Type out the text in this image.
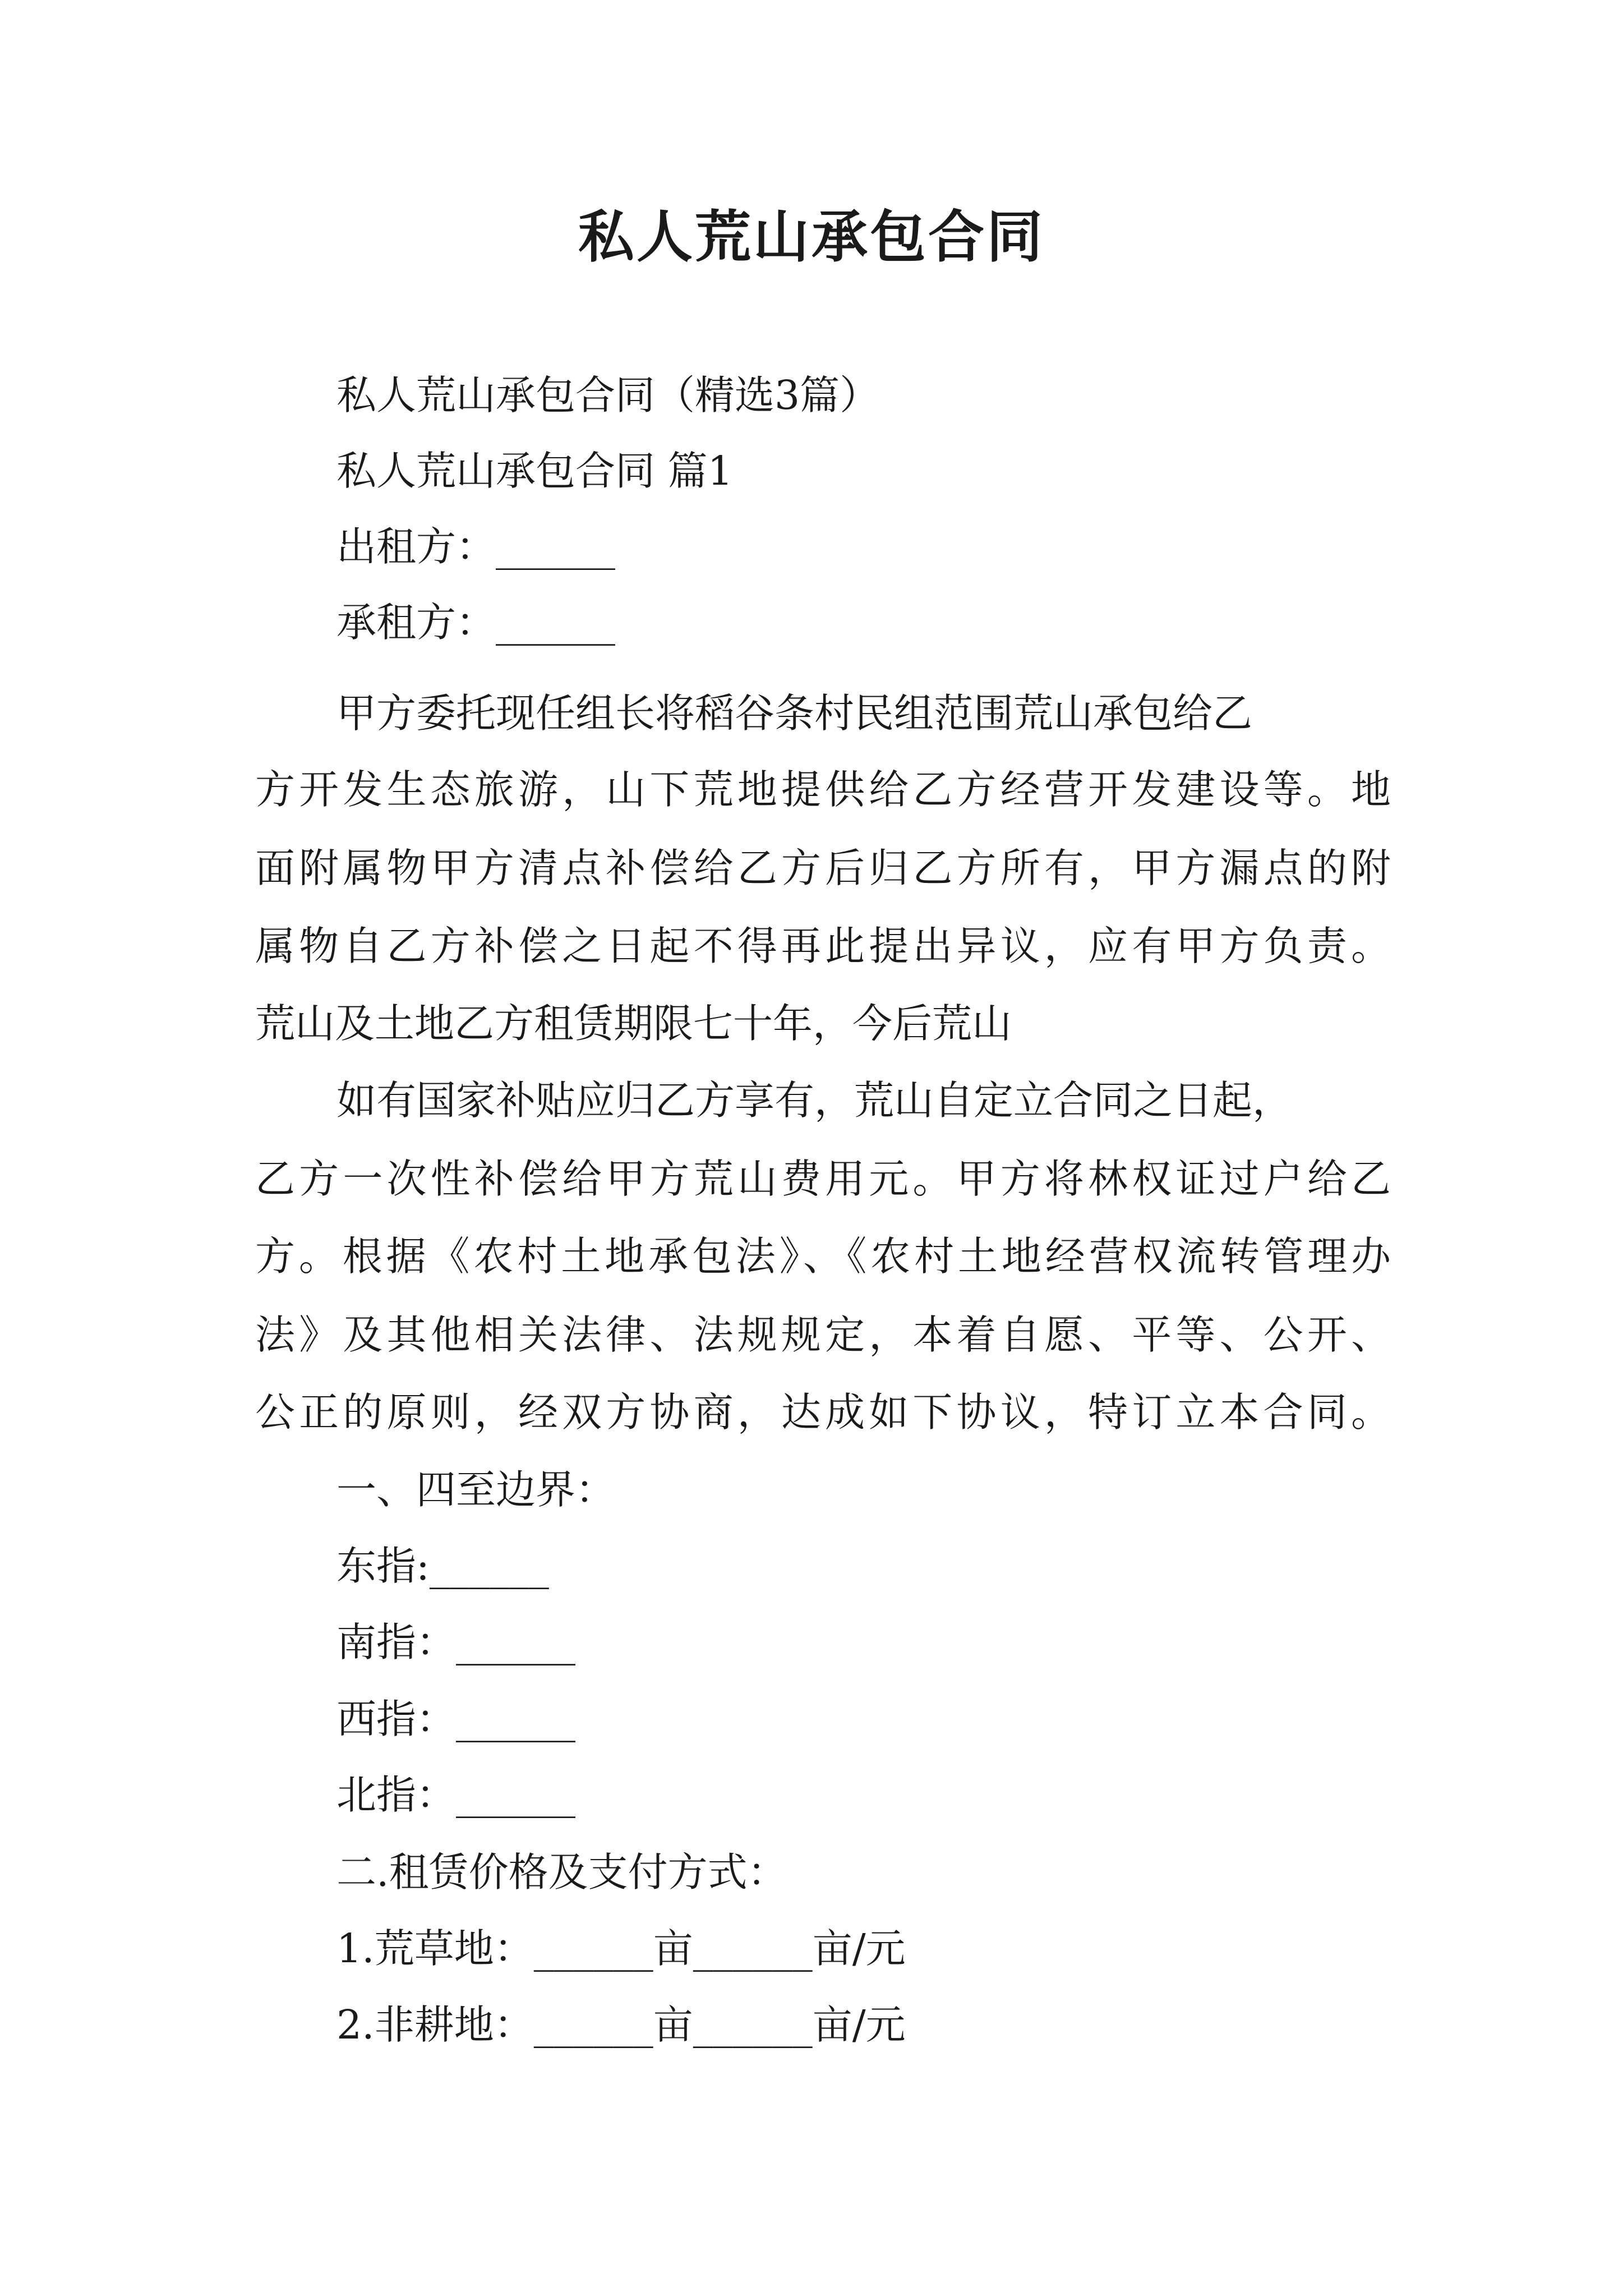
私人荒山承包合同

私人荒山承包合同（精选3篇）

私人荒山承包合同 篇1

出租方：______

承租方：______

甲方委托现任组长将稻谷条村民组范围荒山承包给乙

方开发生态旅游，山下荒地提供给乙方经营开发建设等。地

面附属物甲方清点补偿给乙方后归乙方所有，甲方漏点的附

属物自乙方补偿之日起不得再此提出异议，应有甲方负责。

荒山及土地乙方租赁期限七十年，今后荒山

如有国家补贴应归乙方享有，荒山自定立合同之日起，

乙方一次性补偿给甲方荒山费用元。甲方将林权证过户给乙

方。根据《农村土地承包法》、《农村土地经营权流转管理办

法》及其他相关法律、法规规定，本着自愿、平等、公开、

公正的原则，经双方协商，达成如下协议，特订立本合同。

一、四至边界：

东指:______

南指：______

西指：______

北指：______

二.租赁价格及支付方式：

1.荒草地：______亩______亩/元

2.非耕地：______亩______亩/元
